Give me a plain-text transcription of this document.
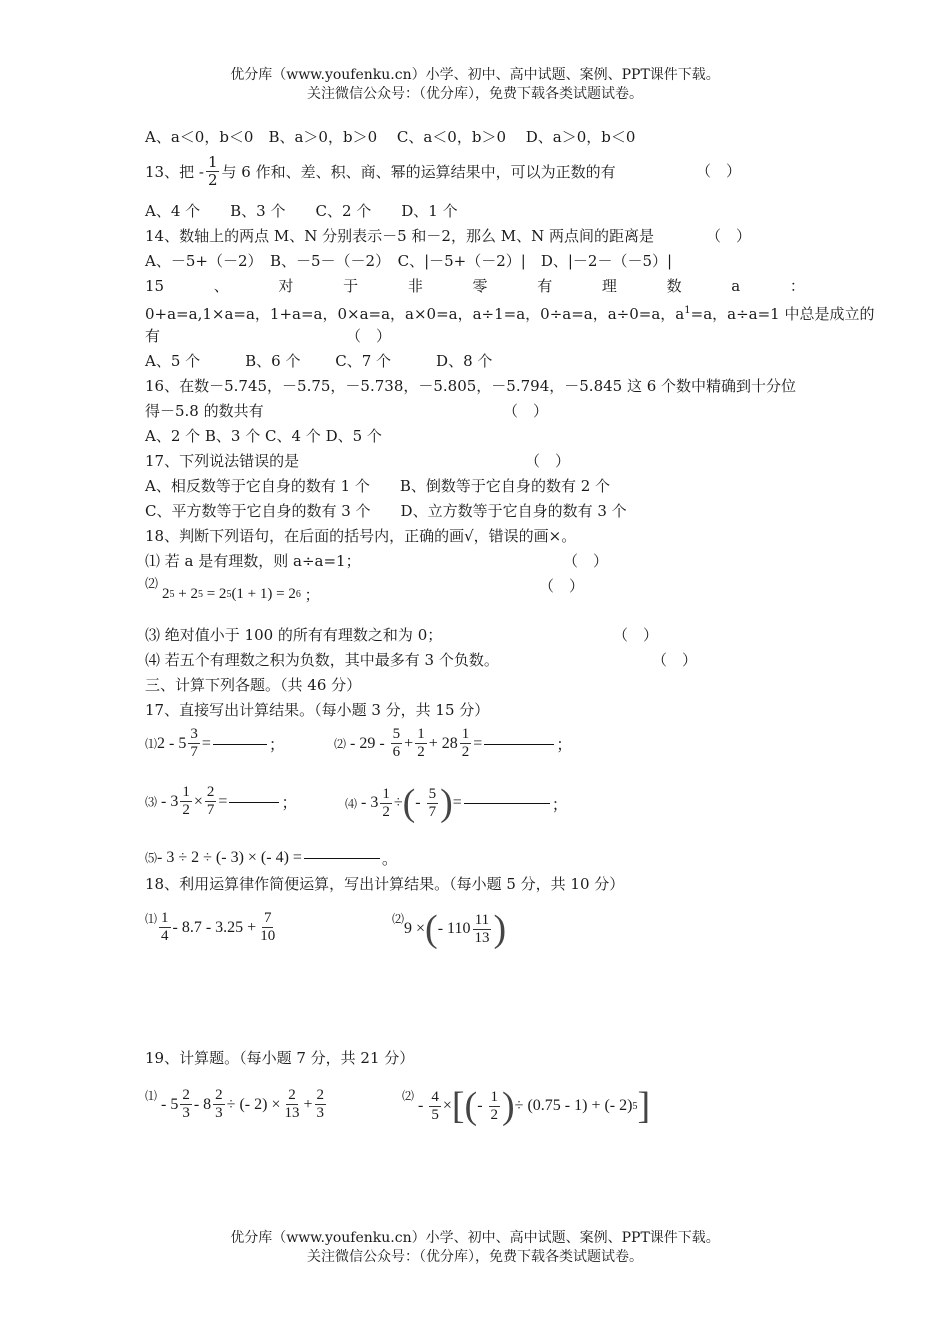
优分库（www.youfenku.cn）小学、初中、高中试题、案例、PPT课件下载。
关注微信公众号：（优分库），免费下载各类试题试卷。
A、a＜0，b＜0　B、a＞0，b＞0　 C、a＜0，b＞0　 D、a＞0，b＜0
13、把 - $\frac{1}{2}$ 与 6 作和、差、积、商、幂的运算结果中，可以为正数的有	（　）
A、4 个　　B、3 个　　C、2 个　　D、1 个
14、数轴上的两点 M、N 分别表示－5 和－2，那么 M、N 两点间的距离是	（　）
A、－5+（－2）　B、－5－（－2）　C、|－5+（－2）|　D、|－2－（－5）|
15	、	对	于	非	零	有	理	数	a	：
0+a=a,1×a=a，1+a=a，0×a=a，a×0=a，a÷1=a，0÷a=a，a÷0=a，$a^1=a$，a÷a=1 中总是成立的
有	（　）
A、5 个　　　B、6 个　　 C、7 个　　　D、8 个
16、在数－5.745，－5.75，－5.738，－5.805，－5.794，－5.845 这 6 个数中精确到十分位
得－5.8 的数共有	（　）
A、2 个 B、3 个 C、4 个 D、5 个
17、下列说法错误的是	（　）
A、相反数等于它自身的数有 1 个　　B、倒数等于它自身的数有 2 个
C、平方数等于它自身的数有 3 个　　D、立方数等于它自身的数有 3 个
18、判断下列语句，在后面的括号内，正确的画√，错误的画×。
⑴ 若 a 是有理数，则 a÷a=1；	（　）
⑵
2 5 + 2 5 = 2 5 (1 + 1) = 2 6 ；
（　）
⑶ 绝对值小于 100 的所有有理数之和为 0；	（　）
⑷ 若五个有理数之积为负数，其中最多有 3 个负数。	（　）
三、计算下列各题。（共 46 分）
17、直接写出计算结果。（每小题 3 分，共 15 分）
⑴ $2 - 5 \frac{3}{7}$ =	；	⑵ - $29 - \frac{5}{6} + \frac{1}{2} + 28 \frac{1}{2}$ =	；
⑶ - $3 \frac{1}{2} \times \frac{2}{7}$ =	；	⑷ - $3 \frac{1}{2}$ ÷ ( - $\frac{5}{7}$ ) =	；
⑸ - 3 ÷ 2 ÷ (- 3) × (- 4) =	。
18、利用运算律作简便运算，写出计算结果。（每小题 5 分，共 10 分）
⑴ $\frac{1}{4} - 8.7 - 3.25 + \frac{7}{10}$	⑵
9 × ( - $110 \frac{11}{13}$ )
19、计算题。（每小题 7 分，共 21 分）
⑴ - $5 \frac{2}{3} - 8 \frac{2}{3}$ ÷ (- $2) \times \frac{2}{13} + \frac{2}{3}$	⑵
- $\frac{4}{5}$ × [ ( - $\frac{1}{2}$ ) ÷ (0.75 - 1) + (- 2) 5 ]
优分库（www.youfenku.cn）小学、初中、高中试题、案例、PPT课件下载。
关注微信公众号：（优分库），免费下载各类试题试卷。
